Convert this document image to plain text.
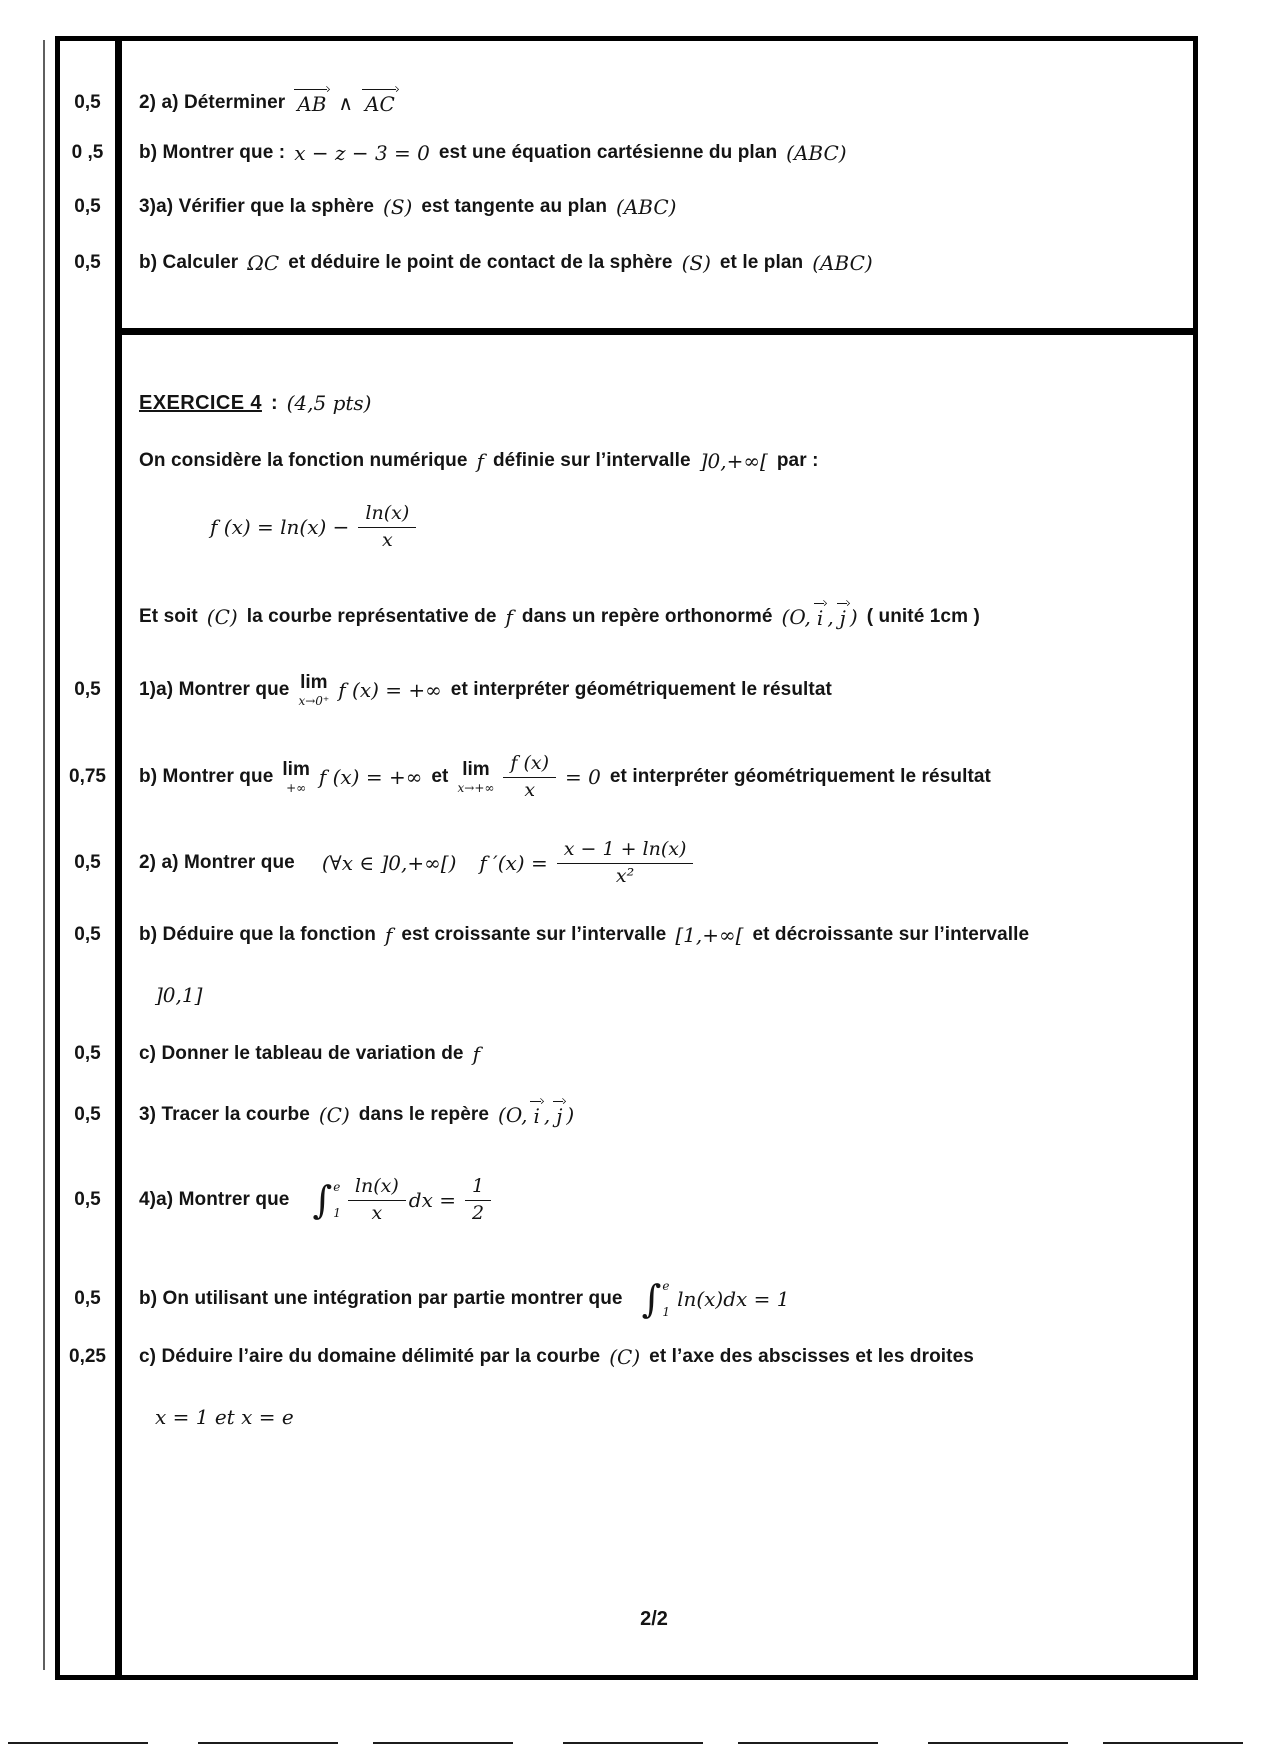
0,5	2) a) Déterminer AB ∧ AC
0 ,5	b) Montrer que : x − z − 3 = 0 est une équation cartésienne du plan (ABC)
0,5	3)a) Vérifier que la sphère (S) est tangente au plan (ABC)
0,5	b) Calculer ΩC et déduire le point de contact de la sphère (S) et le plan (ABC)
EXERCICE 4 : (4,5 pts)
On considère la fonction numérique f définie sur l’intervalle ]0,+∞[ par :
f $(x) = \ln(x) - \frac{\ln(x)}{x}$
Et soit (C) la courbe représentative de f dans un repère orthonormé (O, i , j ) ( unité 1cm )
0,5	1)a) Montrer que lim
x→0⁺ f (x) = +∞ et interpréter géométriquement le résultat
0,75	b) Montrer que lim
+∞ f (x) = +∞ et lim
$x\to+\infty \frac{f (x)}{x} = 0$ et interpréter géométriquement le résultat
0,5	2) a) Montrer que (∀x ∈ ]0,+∞[) f $'(x) = \frac{x - 1 + \ln(x)}{\text{x²}}$
0,5	b) Déduire que la fonction f est croissante sur l’intervalle [1,+∞[ et décroissante sur l’intervalle
]0,1]
0,5	c) Donner le tableau de variation de f
0,5	3) Tracer la courbe (C) dans le repère (O, i , j )
0,5	4)a) Montrer que ∫ e
$1 \frac{\ln(x)}{x}$ dx = $\frac{1}{2}$
0,5	b) On utilisant une intégration par partie montrer que ∫ e
1
ln(x)dx = 1
0,25	c) Déduire l’aire du domaine délimité par la courbe (C) et l’axe des abscisses et les droites
x = 1 et x = e
2/2
